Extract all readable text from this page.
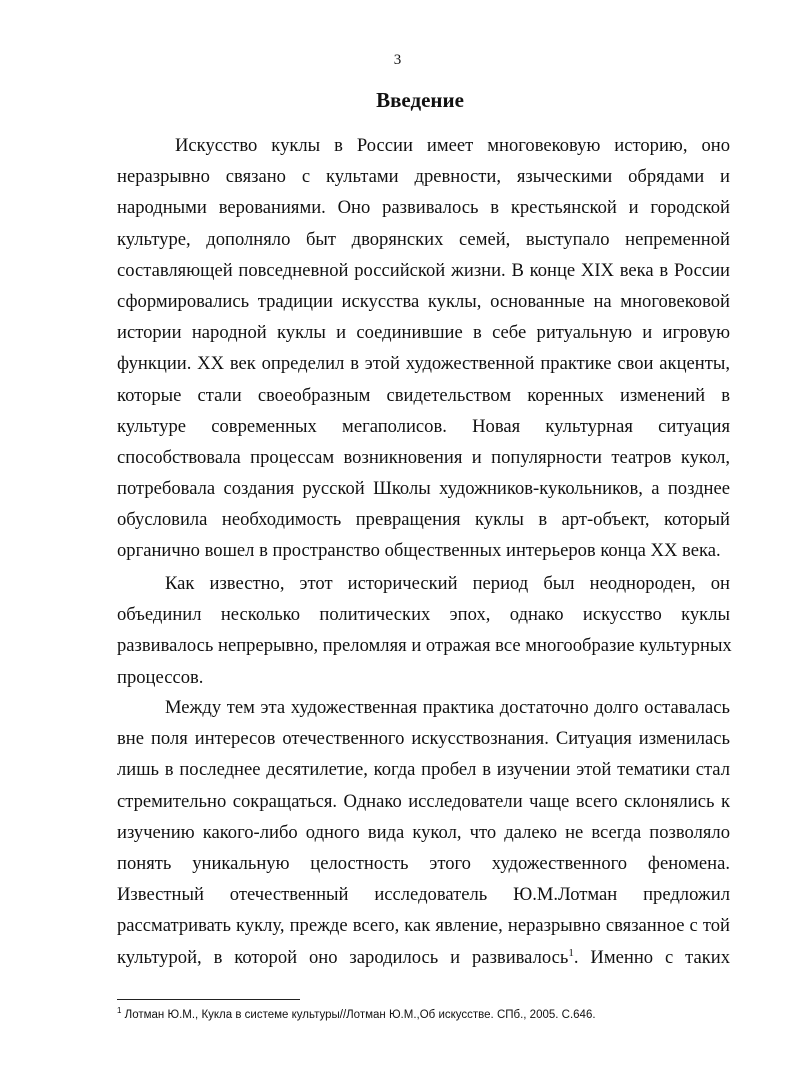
3
Введение

Искусство куклы в России имеет многовековую историю, оно
неразрывно связано с культами древности, языческими обрядами и
народными верованиями. Оно развивалось в крестьянской и городской
культуре, дополняло быт дворянских семей, выступало непременной
составляющей повседневной российской жизни. В конце XIX века в России
сформировались традиции искусства куклы, основанные на многовековой
истории народной куклы и соединившие в себе ритуальную и игровую
функции. XX век определил в этой художественной практике свои акценты,
которые стали своеобразным свидетельством коренных изменений в
культуре современных мегаполисов. Новая культурная ситуация
способствовала процессам возникновения и популярности театров кукол,
потребовала создания русской Школы художников-кукольников, а позднее
обусловила необходимость превращения куклы в арт-объект, который
органично вошел в пространство общественных интерьеров конца XX века.

Как известно, этот исторический период был неоднороден, он
объединил несколько политических эпох, однако искусство куклы
развивалось непрерывно, преломляя и отражая все многообразие культурных
процессов.

Между тем эта художественная практика достаточно долго оставалась
вне поля интересов отечественного искусствознания. Ситуация изменилась
лишь в последнее десятилетие, когда пробел в изучении этой тематики стал
стремительно сокращаться. Однако исследователи чаще всего склонялись к
изучению какого-либо одного вида кукол, что далеко не всегда позволяло
понять уникальную целостность этого художественного феномена.
Известный отечественный исследователь Ю.М.Лотман предложил
рассматривать куклу, прежде всего, как явление, неразрывно связанное с той
культурой, в которой оно зародилось и развивалось$^1$. Именно с таких

$^1$ Лотман Ю.М., Кукла в системе культуры//Лотман Ю.М.,Об искусстве. СПб., 2005. С.646.
